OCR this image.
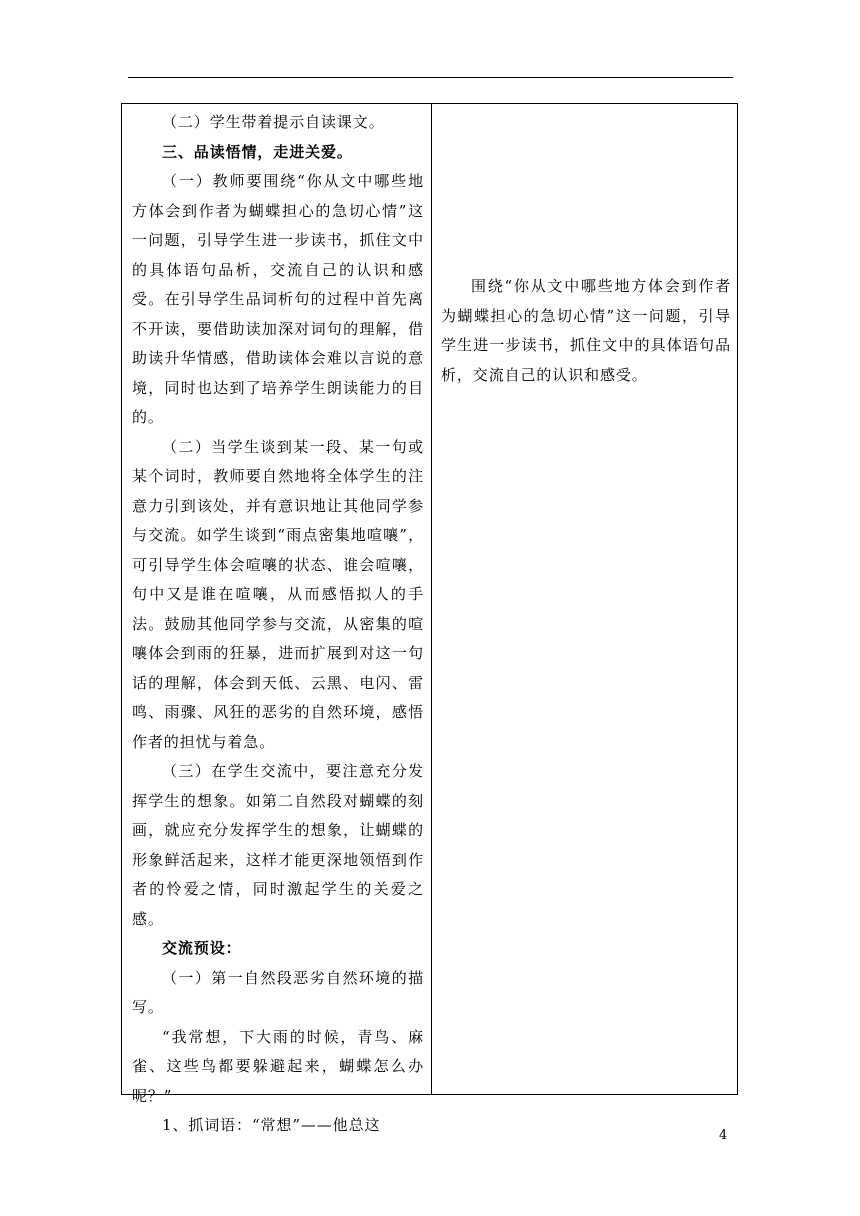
（二）学生带着提示自读课文。

三、品读悟情，走进关爱。

（一）教师要围绕“你从文中哪些地方体会到作者为蝴蝶担心的急切心情”这一问题，引导学生进一步读书，抓住文中的具体语句品析，交流自己的认识和感受。在引导学生品词析句的过程中首先离不开读，要借助读加深对词句的理解，借助读升华情感，借助读体会难以言说的意境，同时也达到了培养学生朗读能力的目的。

（二）当学生谈到某一段、某一句或某个词时，教师要自然地将全体学生的注意力引到该处，并有意识地让其他同学参与交流。如学生谈到“雨点密集地喧嚷”，可引导学生体会喧嚷的状态、谁会喧嚷，句中又是谁在喧嚷，从而感悟拟人的手法。鼓励其他同学参与交流，从密集的喧嚷体会到雨的狂暴，进而扩展到对这一句话的理解，体会到天低、云黑、电闪、雷鸣、雨骤、风狂的恶劣的自然环境，感悟作者的担忧与着急。

（三）在学生交流中，要注意充分发挥学生的想象。如第二自然段对蝴蝶的刻画，就应充分发挥学生的想象，让蝴蝶的形象鲜活起来，这样才能更深地领悟到作者的怜爱之情，同时激起学生的关爱之感。

交流预设：

（一）第一自然段恶劣自然环境的描写。

“我常想，下大雨的时候，青鸟、麻雀、这些鸟都要躲避起来，蝴蝶怎么办呢？”

1、抓词语：“常想”——他总这

围绕“你从文中哪些地方体会到作者为蝴蝶担心的急切心情”这一问题，引导学生进一步读书，抓住文中的具体语句品析，交流自己的认识和感受。

4
